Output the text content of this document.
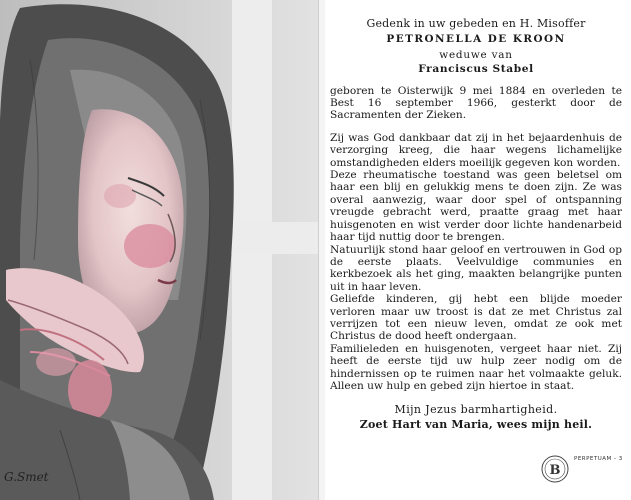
G.Smet
Gedenk in uw gebeden en H. Misoffer
PETRONELLA DE KROON
weduwe van
Franciscus Stabel
geboren te Oisterwijk 9 mei 1884 en overleden te Best 16 september 1966, gesterkt door de Sacramenten der Zieken.

Zij was God dankbaar dat zij in het bejaardenhuis de verzorging kreeg, die haar wegens lichamelijke omstandigheden elders moeilijk gegeven kon worden.

Deze rheumatische toestand was geen beletsel om haar een blij en gelukkig mens te doen zijn. Ze was overal aanwezig, waar door spel of ontspanning vreugde gebracht werd, praatte graag met haar huisgenoten en wist verder door lichte handenarbeid haar tijd nuttig door te brengen.

Natuurlijk stond haar geloof en vertrouwen in God op de eerste plaats. Veelvuldige communies en kerkbezoek als het ging, maakten belangrijke punten uit in haar leven.

Geliefde kinderen, gij hebt een blijde moeder verloren maar uw troost is dat ze met Christus zal verrijzen tot een nieuw leven, omdat ze ook met Christus de dood heeft ondergaan.

Familieleden en huisgenoten, vergeet haar niet. Zij heeft de eerste tijd uw hulp zeer nodig om de hindernissen op te ruimen naar het volmaakte geluk. Alleen uw hulp en gebed zijn hiertoe in staat.

Mijn Jezus barmhartigheid.
Zoet Hart van Maria, wees mijn heil.
B
PERPETUAM - 3
